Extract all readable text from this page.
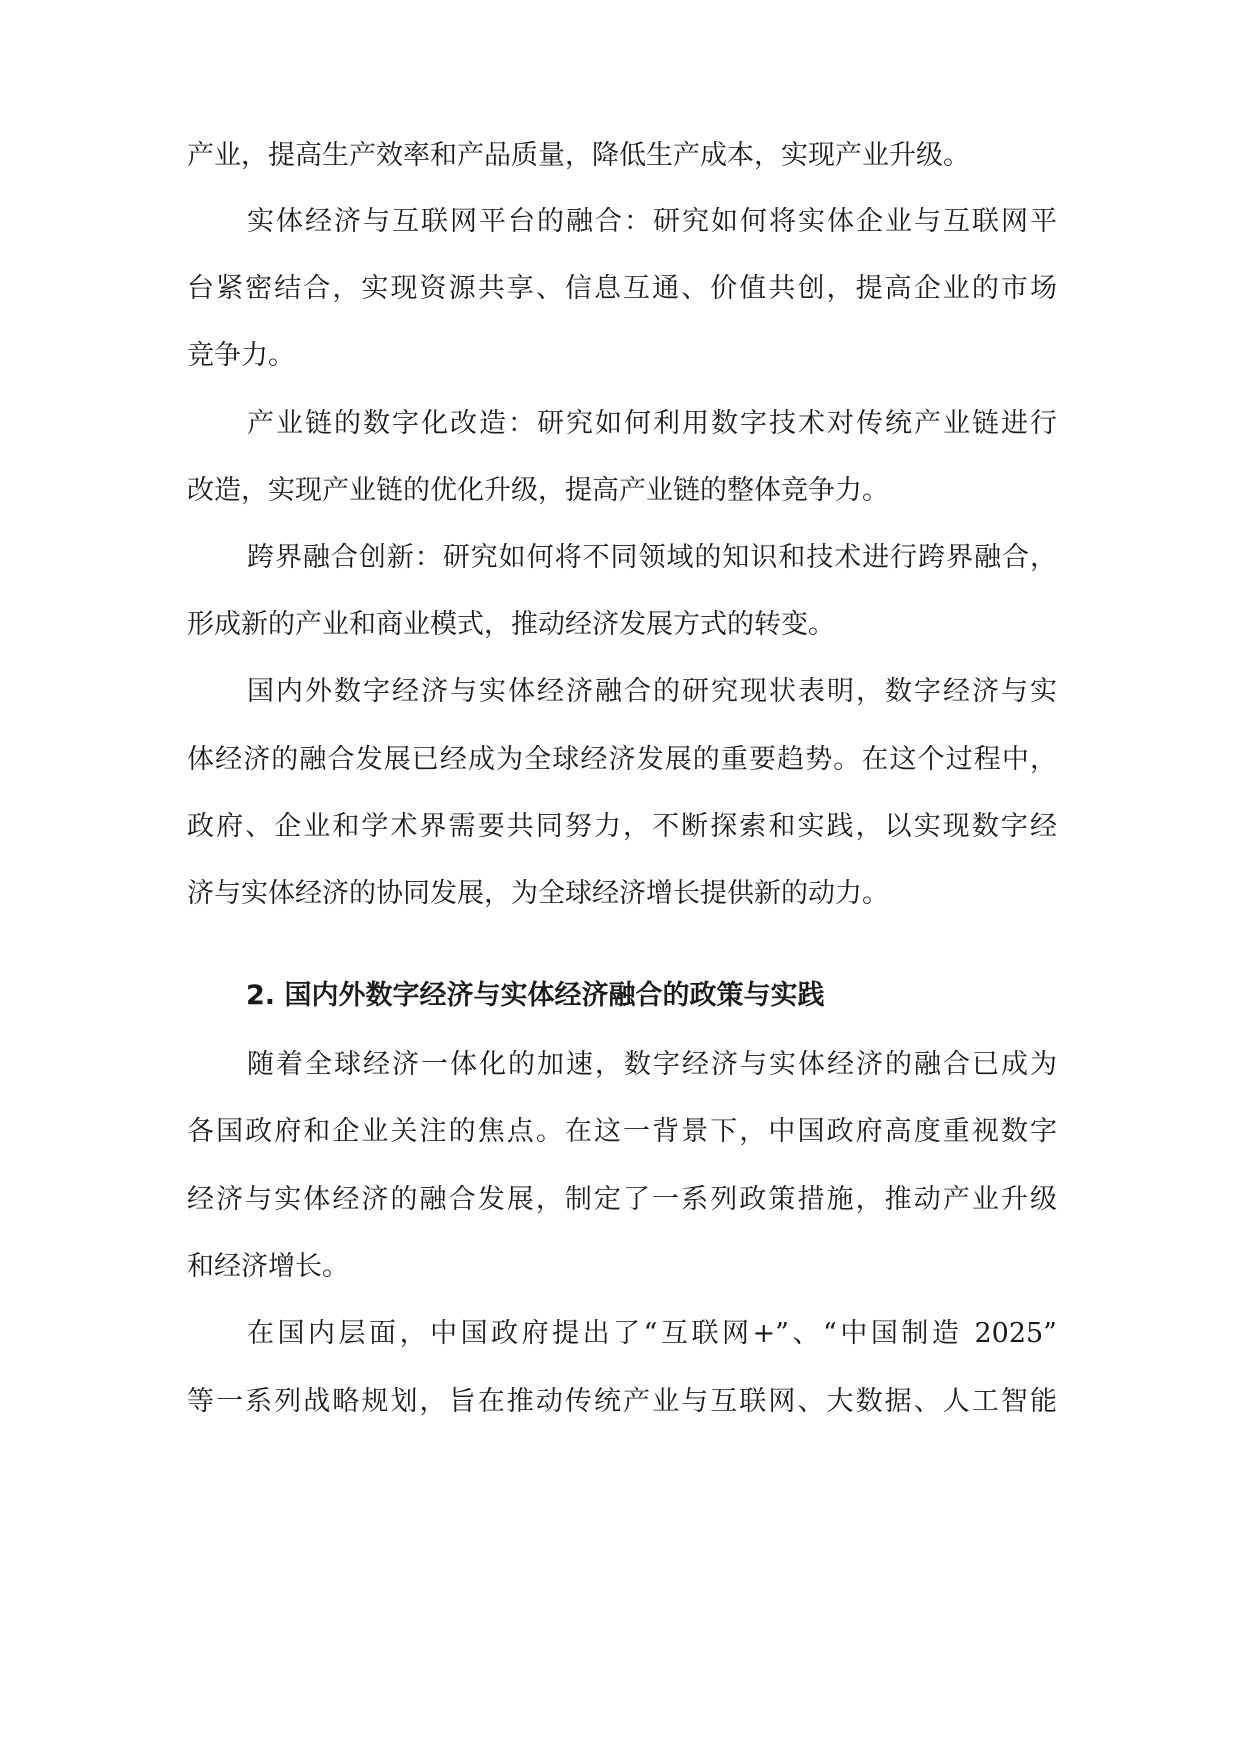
产业，提高生产效率和产品质量，降低生产成本，实现产业升级。
实体经济与互联网平台的融合：研究如何将实体企业与互联网平
台紧密结合，实现资源共享、信息互通、价值共创，提高企业的市场
竞争力。
产业链的数字化改造：研究如何利用数字技术对传统产业链进行
改造，实现产业链的优化升级，提高产业链的整体竞争力。
跨界融合创新：研究如何将不同领域的知识和技术进行跨界融合，
形成新的产业和商业模式，推动经济发展方式的转变。
国内外数字经济与实体经济融合的研究现状表明，数字经济与实
体经济的融合发展已经成为全球经济发展的重要趋势。在这个过程中，
政府、企业和学术界需要共同努力，不断探索和实践，以实现数字经
济与实体经济的协同发展，为全球经济增长提供新的动力。
2. 国内外数字经济与实体经济融合的政策与实践
随着全球经济一体化的加速，数字经济与实体经济的融合已成为
各国政府和企业关注的焦点。在这一背景下，中国政府高度重视数字
经济与实体经济的融合发展，制定了一系列政策措施，推动产业升级
和经济增长。
在国内层面，中国政府提出了“互联网+”、“中国制造 2025”
等一系列战略规划，旨在推动传统产业与互联网、大数据、人工智能
